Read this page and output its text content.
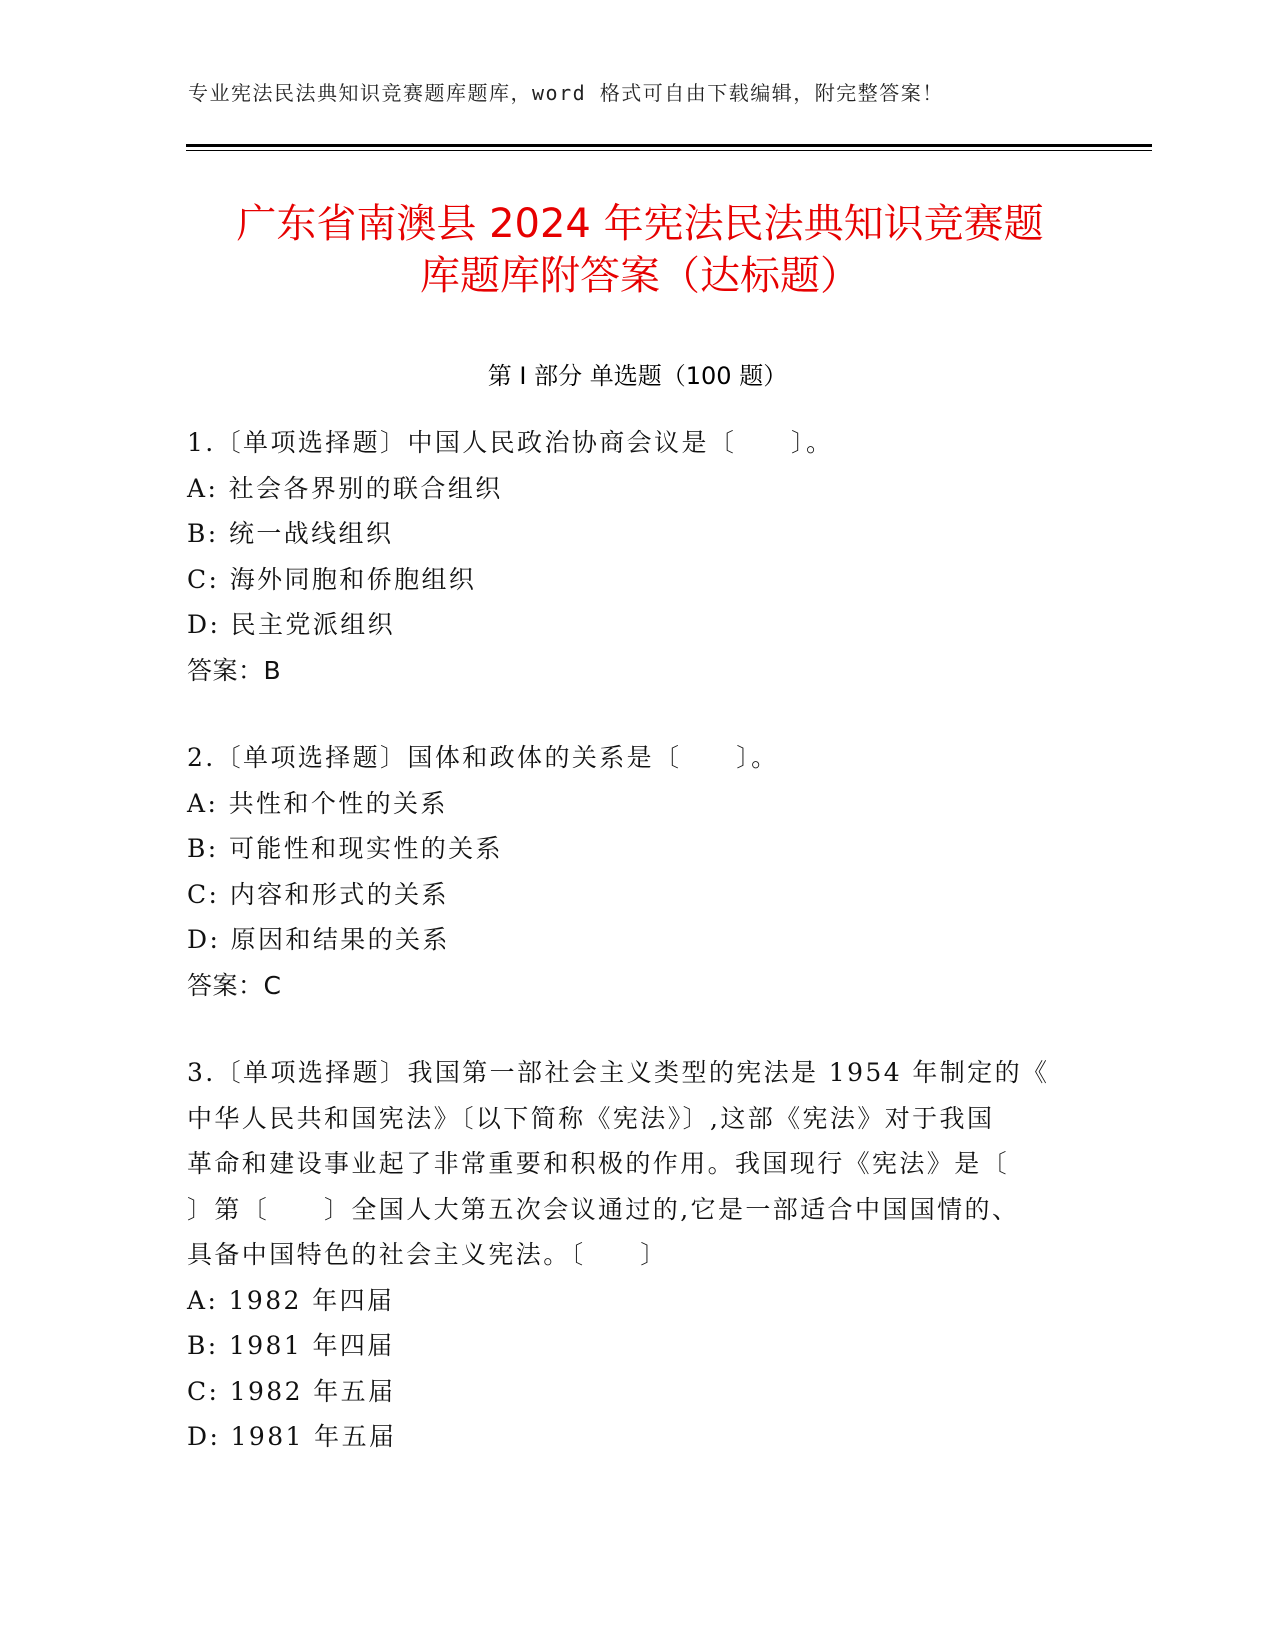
专业宪法民法典知识竞赛题库题库，word 格式可自由下载编辑，附完整答案！
广东省南澳县 2024 年宪法民法典知识竞赛题
库题库附答案（达标题）
第 I 部分 单选题（100 题）
1.〔单项选择题〕中国人民政治协商会议是〔　　〕。
A: 社会各界别的联合组织
B: 统一战线组织
C: 海外同胞和侨胞组织
D: 民主党派组织
答案：B
2.〔单项选择题〕国体和政体的关系是〔　　〕。
A: 共性和个性的关系
B: 可能性和现实性的关系
C: 内容和形式的关系
D: 原因和结果的关系
答案：C
3.〔单项选择题〕我国第一部社会主义类型的宪法是 1954 年制定的《
中华人民共和国宪法》〔以下简称《宪法》〕,这部《宪法》对于我国
革命和建设事业起了非常重要和积极的作用。我国现行《宪法》是〔
〕第〔　　〕全国人大第五次会议通过的,它是一部适合中国国情的、
具备中国特色的社会主义宪法。〔　　〕
A: 1982 年四届
B: 1981 年四届
C: 1982 年五届
D: 1981 年五届
